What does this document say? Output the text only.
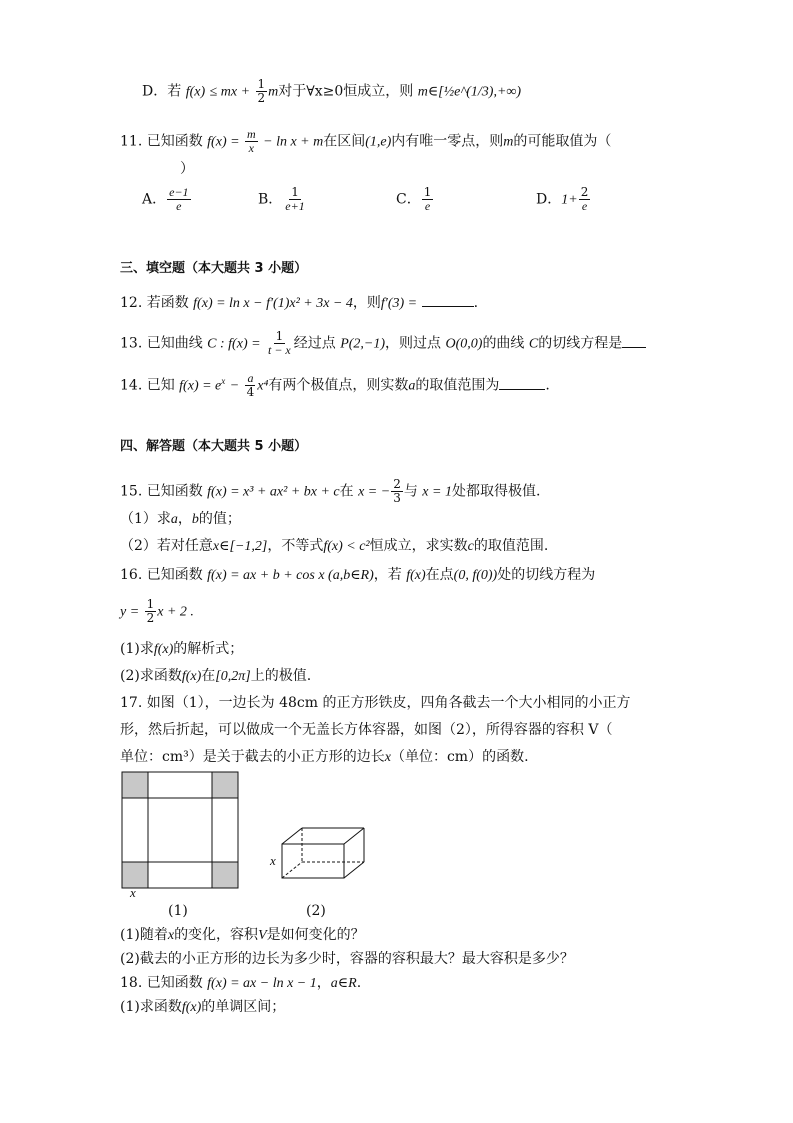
D．若 f(x) ≤ mx + $\frac{1}{2}$ m对于∀x≥0恒成立，则 m∈[½e^(1/3),+∞)
11. 已知函数 $f(x) = \frac{m}{x} - \ln x + m$在区间(1,e)内有唯一零点，则m的可能取值为（
）
A． $\frac{e-1}{e}$	B． $\frac{1}{e+1}$	C． $\frac{1}{e}$	D．$1+ \frac{2}{e}$
三、填空题（本大题共 3 小题）
12. 若函数 f(x) = ln x − f′(1)x² + 3x − 4，则f′(3) =	.
13. 已知曲线 C : $f(x) = \frac{1}{t - x}$ 经过点 P(2,−1)，则过点 O(0,0)的曲线 C的切线方程是
14. 已知 $f(x) = e^x - \frac{a}{4} x^4$有两个极值点，则实数a的取值范围为	.
四、解答题（本大题共 5 小题）
15. 已知函数 f(x) = x³ + ax² + bx + c在 x = − $\frac{2}{3}$ 与 x = 1处都取得极值.
（1）求a，b的值；
（2）若对任意x∈[−1,2]，不等式f(x) < c²恒成立，求实数c的取值范围.
16. 已知函数 f(x) = ax + b + cos x (a,b∈R)，若 f(x)在点(0, f(0))处的切线方程为
$y = \frac{1}{2}$ x + 2 .
(1)求f(x)的解析式；
(2)求函数f(x)在[0,2π]上的极值.
17. 如图（1），一边长为 48cm 的正方形铁皮，四角各截去一个大小相同的小正方
形，然后折起，可以做成一个无盖长方体容器，如图（2），所得容器的容积 V（
单位：cm³）是关于截去的小正方形的边长x（单位：cm）的函数.
x
(1)
x
(2)
(1)随着x的变化，容积V是如何变化的？
(2)截去的小正方形的边长为多少时，容器的容积最大？最大容积是多少？
18. 已知函数 f(x) = ax − ln x − 1，a∈R.
(1)求函数f(x)的单调区间；
